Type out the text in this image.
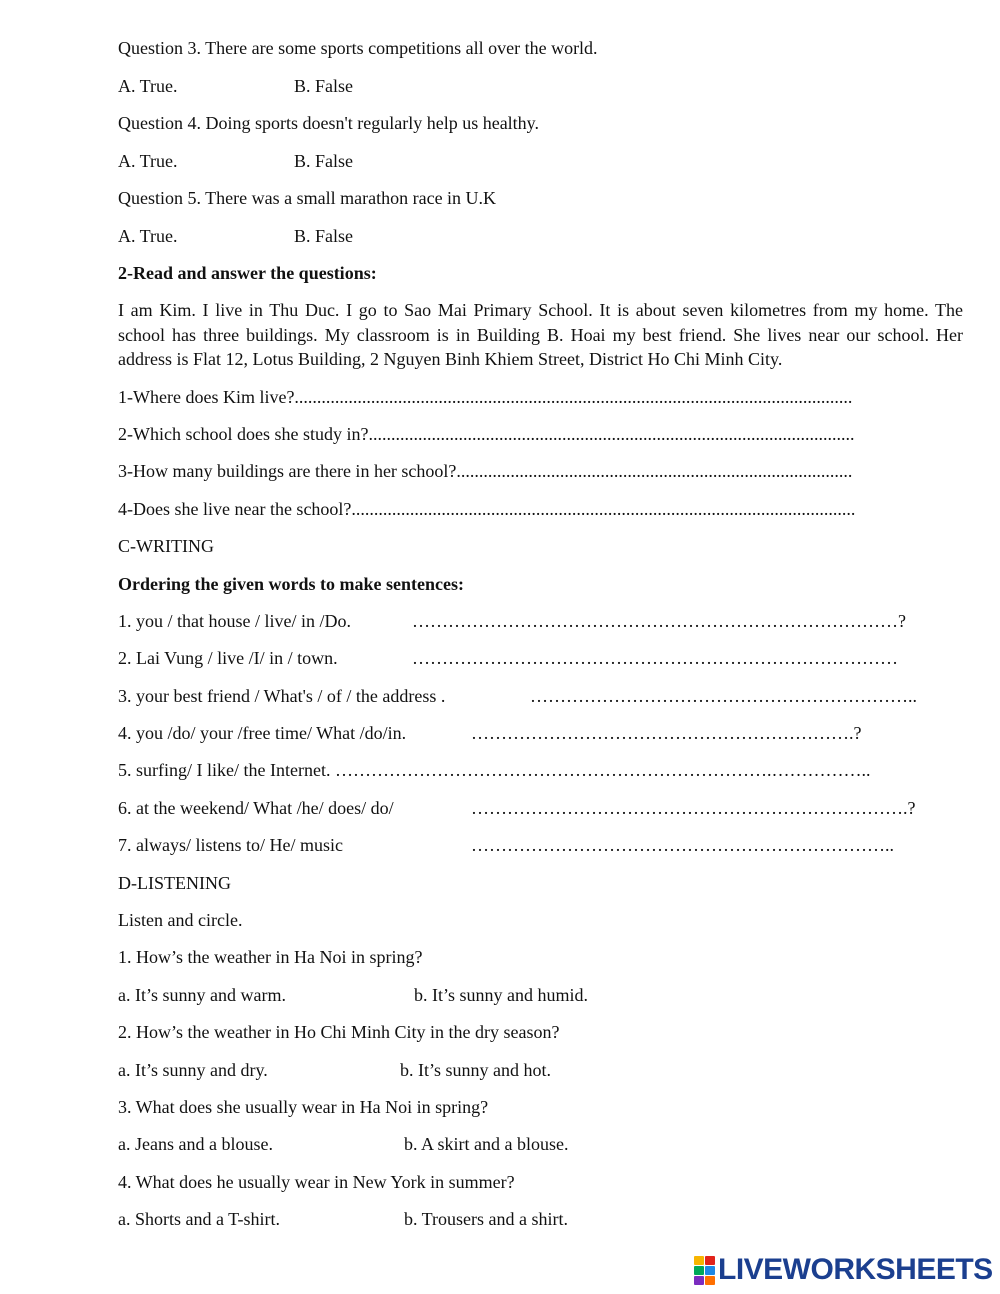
Question 3. There are some sports competitions all over the world.
A. True.	B. False
Question 4. Doing sports doesn't regularly help us healthy.
A. True.	B. False
Question 5. There was a small marathon race in U.K
A. True.	B. False
2-Read and answer the questions:

I am Kim. I live in Thu Duc. I go to Sao Mai Primary School. It is about seven kilometres from my home. The school has three buildings. My classroom is in Building B. Hoai my best friend. She lives near our school. Her address is Flat 12, Lotus Building, 2 Nguyen Binh Khiem Street, District Ho Chi Minh City.

1-Where does Kim live?............................................................................................................................
2-Which school does she study in?............................................................................................................
3-How many buildings are there in her school?........................................................................................
4-Does she live near the school?................................................................................................................
C-WRITING
Ordering the given words to make sentences:
1. you / that house / live/ in /Do.	………………………………………………………………………?
2. Lai Vung / live /I/ in / town.	………………………………………………………………………
3. your best friend / What's / of / the address .	………………………………………………………..
4. you /do/ your /free time/ What /do/in.	……………………………………………………….?
5. surfing/ I like/ the Internet. ……………………………………………………………….……………..
6. at the weekend/ What /he/ does/ do/	……………………………………………………………….?
7. always/ listens to/ He/ music	……………………………………………………………..
D-LISTENING
Listen and circle.
1. How’s the weather in Ha Noi in spring?
a. It’s sunny and warm.	b. It’s sunny and humid.
2. How’s the weather in Ho Chi Minh City in the dry season?
a. It’s sunny and dry.	b. It’s sunny and hot.
3. What does she usually wear in Ha Noi in spring?
a. Jeans and a blouse.	b. A skirt and a blouse.
4. What does he usually wear in New York in summer?
a. Shorts and a T-shirt.	b. Trousers and a shirt.
LIVEWORKSHEETS
